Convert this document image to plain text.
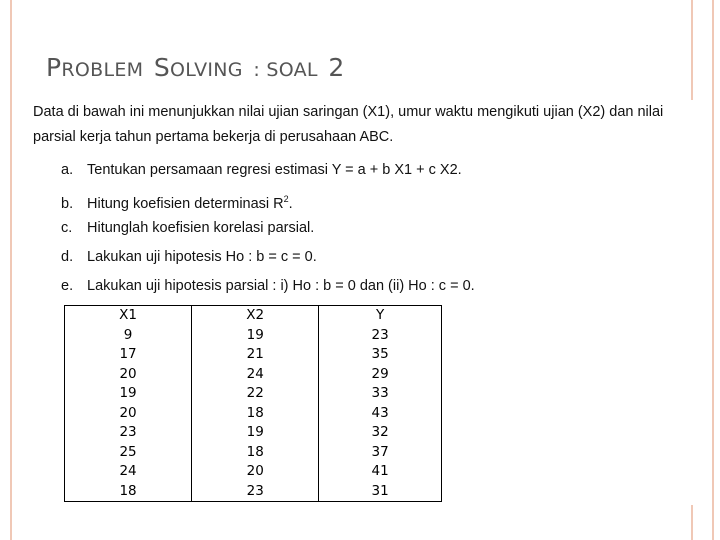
PROBLEM SOLVING : SOAL 2

Data di bawah ini menunjukkan nilai ujian saringan (X1), umur waktu mengikuti ujian (X2) dan nilai

parsial kerja tahun pertama bekerja di perusahaan ABC.

a. Tentukan persamaan regresi estimasi Y = a + b X1 + c X2.
b. Hitung koefisien determinasi $R^2$.
c. Hitunglah koefisien korelasi parsial.
d. Lakukan uji hipotesis Ho : b = c = 0.
e. Lakukan uji hipotesis parsial : i) Ho : b = 0 dan (ii) Ho : c = 0.
X1	X2	Y
9	19	23
17	21	35
20	24	29
19	22	33
20	18	43
23	19	32
25	18	37
24	20	41
18	23	31
